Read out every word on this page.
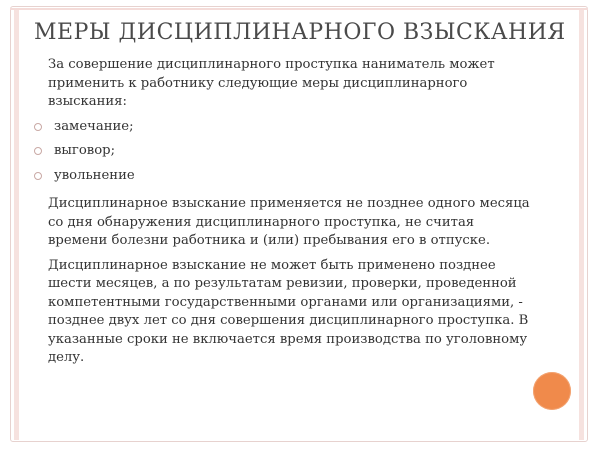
МЕРЫ ДИСЦИПЛИНАРНОГО ВЗЫСКАНИЯ

За совершение дисциплинарного проступка наниматель может применить к работнику следующие меры дисциплинарного взыскания:

замечание;
выговор;
увольнение

Дисциплинарное взыскание применяется не позднее одного месяца со дня обнаружения дисциплинарного проступка, не считая времени болезни работника и (или) пребывания его в отпуске.

Дисциплинарное взыскание не может быть применено позднее шести месяцев, а по результатам ревизии, проверки, проведенной компетентными государственными органами или организациями, - позднее двух лет со дня совершения дисциплинарного проступка. В указанные сроки не включается время производства по уголовному делу.
